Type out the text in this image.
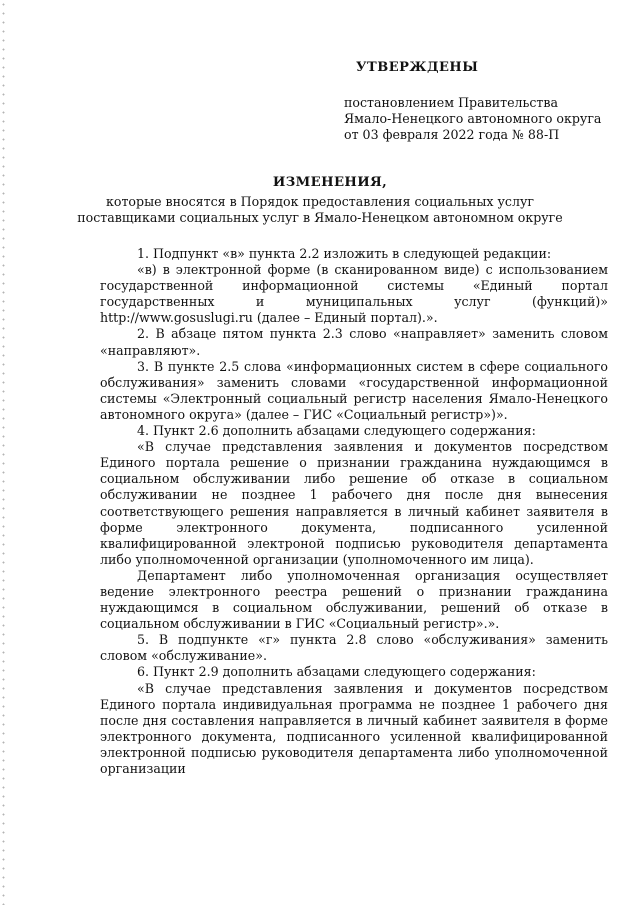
УТВЕРЖДЕНЫ
постановлением Правительства
Ямало-Ненецкого автономного округа
от 03 февраля 2022 года № 88-П
ИЗМЕНЕНИЯ,
которые вносятся в Порядок предоставления социальных услуг
поставщиками социальных услуг в Ямало-Ненецком автономном округе

1. Подпункт «в» пункта 2.2 изложить в следующей редакции:

«в) в электронной форме (в сканированном виде) с использованием государственной информационной системы «Единый портал государственных и муниципальных услуг (функций)» http://www.gosuslugi.ru (далее – Единый портал).».

2. В абзаце пятом пункта 2.3 слово «направляет» заменить словом «направляют».

3. В пункте 2.5 слова «информационных систем в сфере социального обслуживания» заменить словами «государственной информационной системы «Электронный социальный регистр населения Ямало-Ненецкого автономного округа» (далее – ГИС «Социальный регистр»)».

4. Пункт 2.6 дополнить абзацами следующего содержания:

«В случае представления заявления и документов посредством Единого портала решение о признании гражданина нуждающимся в социальном обслуживании либо решение об отказе в социальном обслуживании не позднее 1 рабочего дня после дня вынесения соответствующего решения направляется в личный кабинет заявителя в форме электронного документа, подписанного усиленной квалифицированной электроной подписью руководителя департамента либо уполномоченной организации (уполномоченного им лица).

Департамент либо уполномоченная организация осуществляет ведение электронного реестра решений о признании гражданина нуждающимся в социальном обслуживании, решений об отказе в социальном обслуживании в ГИС «Социальный регистр».».

5. В подпункте «г» пункта 2.8 слово «обслуживания» заменить словом «обслуживание».

6. Пункт 2.9 дополнить абзацами следующего содержания:

«В случае представления заявления и документов посредством Единого портала индивидуальная программа не позднее 1 рабочего дня после дня составления направляется в личный кабинет заявителя в форме электронного документа, подписанного усиленной квалифицированной электронной подписью руководителя департамента либо уполномоченной организации
